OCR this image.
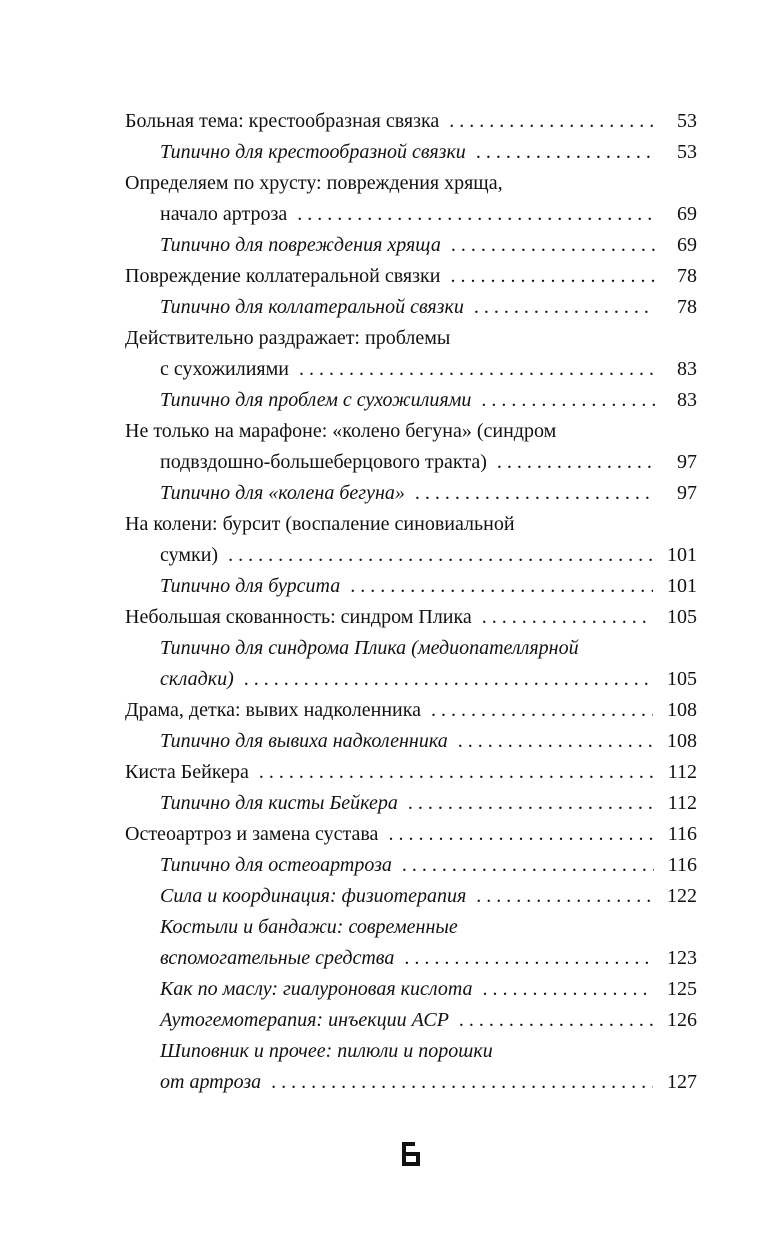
Больная тема: крестообразная связка . . .	53
Типично для крестообразной связки . . .	53
Определяем по хрусту: повреждения хряща,
начало артроза . . .	69
Типично для повреждения хряща . . .	69
Повреждение коллатеральной связки . . .	78
Типично для коллатеральной связки . . .	78
Действительно раздражает: проблемы
с сухожилиями . . .	83
Типично для проблем с сухожилиями . . .	83
Не только на марафоне: «колено бегуна» (синдром
подвздошно-большеберцового тракта) . . .	97
Типично для «колена бегуна» . . .	97
На колени: бурсит (воспаление синовиальной
сумки) . . .	101
Типично для бурсита . . .	101
Небольшая скованность: синдром Плика . . .	105
Типично для синдрома Плика (медиопателлярной
складки) . . .	105
Драма, детка: вывих надколенника . . .	108
Типично для вывиха надколенника . . .	108
Киста Бейкера . . .	112
Типично для кисты Бейкера . . .	112
Остеоартроз и замена сустава . . .	116
Типично для остеоартроза . . .	116
Сила и координация: физиотерапия . . .	122
Костыли и бандажи: современные
вспомогательные средства . . .	123
Как по маслу: гиалуроновая кислота . . .	125
Аутогемотерапия: инъекции АСР . . .	126
Шиповник и прочее: пилюли и порошки
от артроза . . .	127
